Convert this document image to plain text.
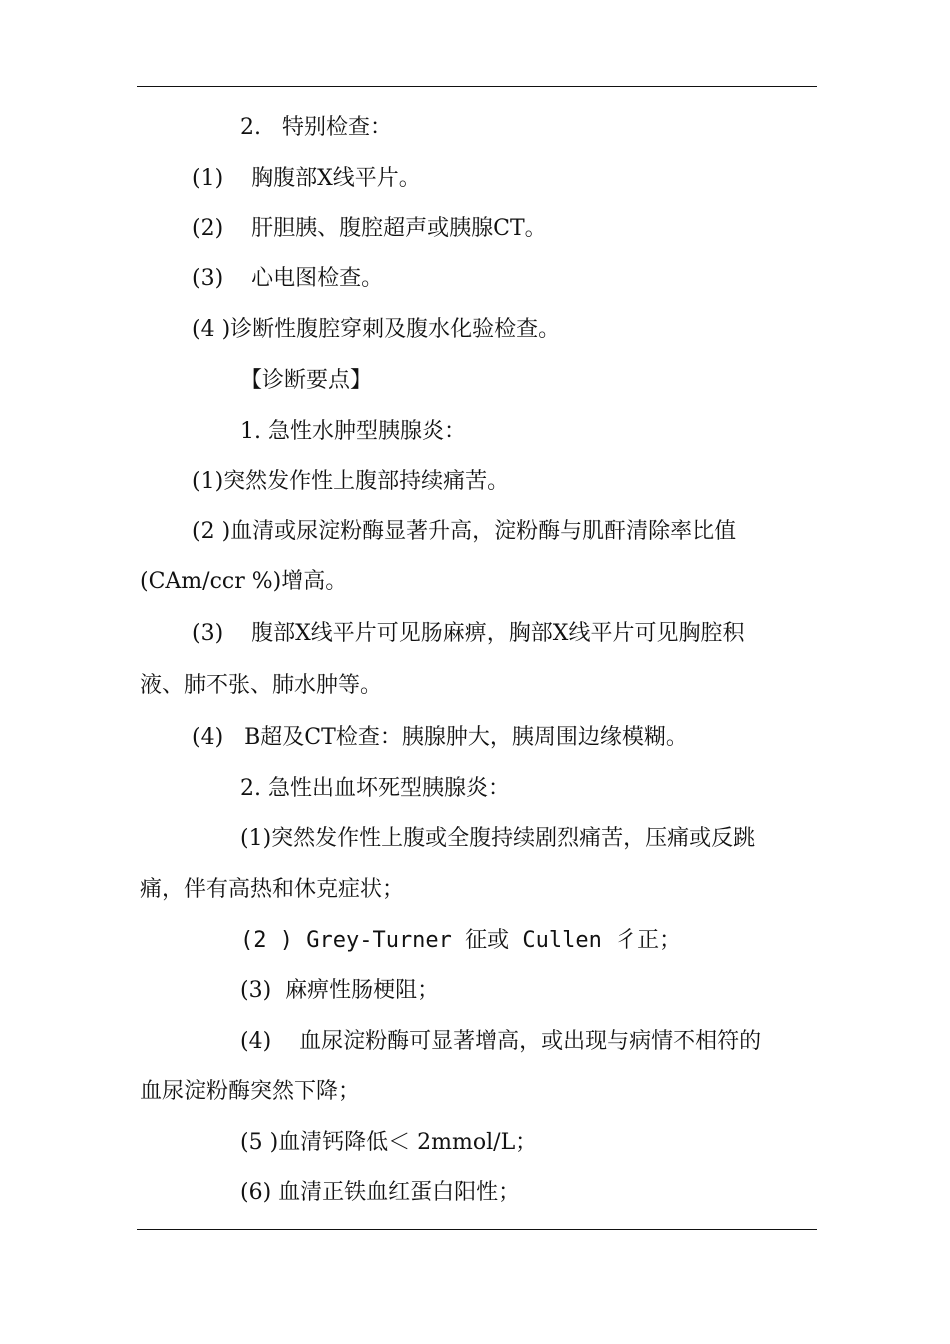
2.   特别检查：
(1)    胸腹部X线平片。
(2)    肝胆胰、腹腔超声或胰腺CT。
(3)    心电图检查。
(4 )诊断性腹腔穿刺及腹水化验检查。
【诊断要点】
1. 急性水肿型胰腺炎：
(1)突然发作性上腹部持续痛苦。
(2 )血清或尿淀粉酶显著升高，淀粉酶与肌酐清除率比值
(CAm/ccr %)增高。
(3)    腹部X线平片可见肠麻痹，胸部X线平片可见胸腔积
液、肺不张、肺水肿等。
(4)   B超及CT检查：胰腺肿大，胰周围边缘模糊。
2. 急性出血坏死型胰腺炎：
(1)突然发作性上腹或全腹持续剧烈痛苦，压痛或反跳
痛，伴有高热和休克症状；
(2 ) Grey-Turner 征或 Cullen 彳正；
(3)  麻痹性肠梗阻；
(4)    血尿淀粉酶可显著增高，或出现与病情不相符的
血尿淀粉酶突然下降；
(5 )血清钙降低＜ 2mmol/L；
(6) 血清正铁血红蛋白阳性；
